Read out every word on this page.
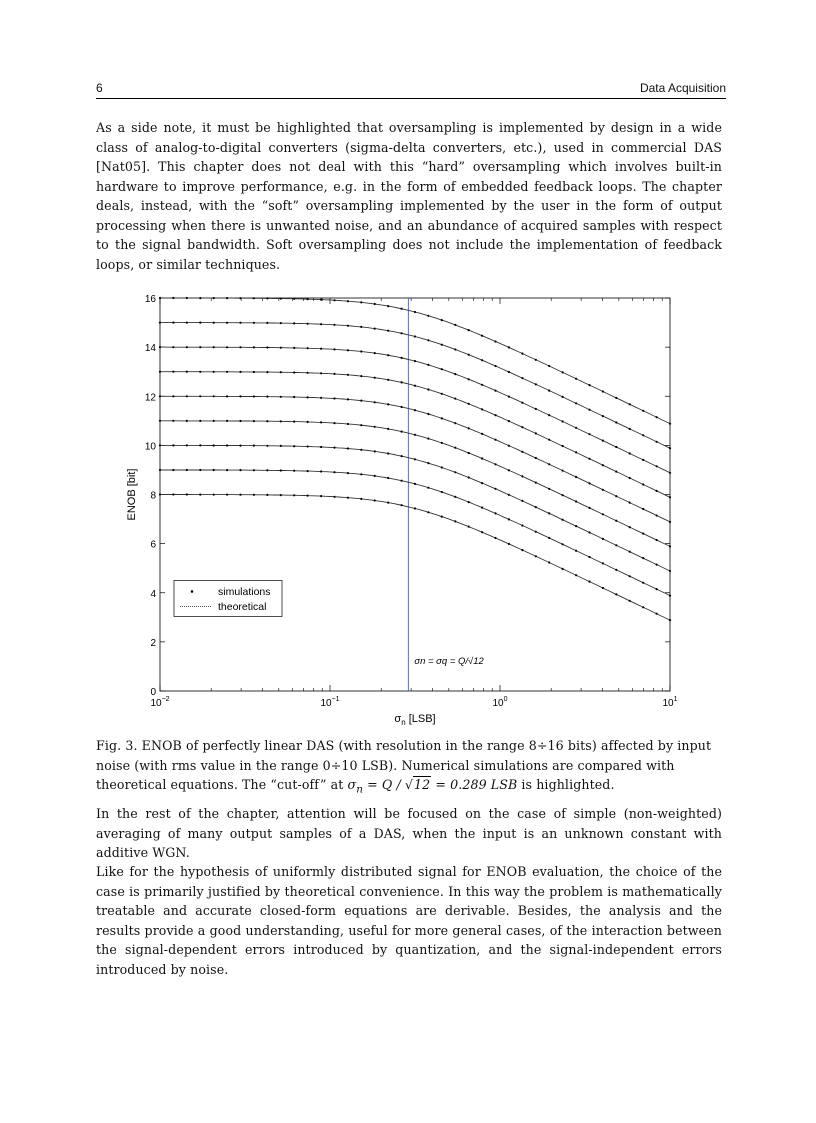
6	Data Acquisition

As a side note, it must be highlighted that oversampling is implemented by design in a wide class of analog-to-digital converters (sigma-delta converters, etc.), used in commercial DAS [Nat05]. This chapter does not deal with this “hard” oversampling which involves built-in hardware to improve performance, e.g. in the form of embedded feedback loops. The chapter deals, instead, with the “soft” oversampling implemented by the user in the form of output processing when there is unwanted noise, and an abundance of acquired samples with respect to the signal bandwidth. Soft oversampling does not include the implementation of feedback loops, or similar techniques.

0
2
4
6
8
10
12
14
16
$10^{-2}$	$10^{-1}$	$10^0$	$10^1$
σn = σq = Q/√12
simulations
theoretical
$\sigma_n$ [LSB]
ENOB [bit]

Fig. 3. ENOB of perfectly linear DAS (with resolution in the range 8÷16 bits) affected by input noise (with rms value in the range 0÷10 LSB). Numerical simulations are compared with theoretical equations. The “cut-off” at $\sigma_n = Q / √12 = 0.289$ LSB is highlighted.

In the rest of the chapter, attention will be focused on the case of simple (non-weighted) averaging of many output samples of a DAS, when the input is an unknown constant with additive WGN.

Like for the hypothesis of uniformly distributed signal for ENOB evaluation, the choice of the case is primarily justified by theoretical convenience. In this way the problem is mathematically treatable and accurate closed-form equations are derivable. Besides, the analysis and the results provide a good understanding, useful for more general cases, of the interaction between the signal-dependent errors introduced by quantization, and the signal-independent errors introduced by noise.
